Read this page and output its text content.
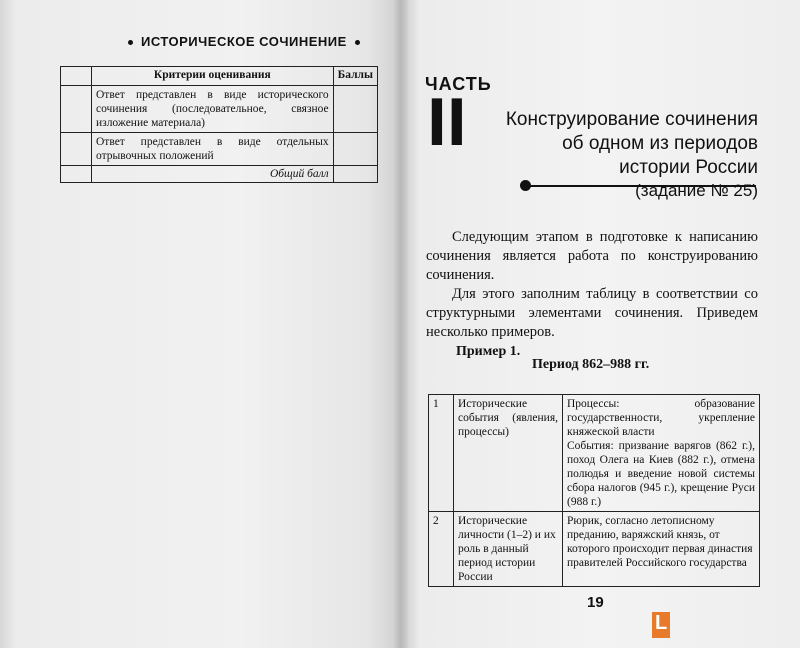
ИСТОРИЧЕСКОЕ СОЧИНЕНИЕ
	Критерии оценивания	Баллы
	Ответ представлен в виде исторического сочинения (последовательное, связное изложение материала)	
	Ответ представлен в виде отдельных отрывочных положений	
	Общий балл	
ЧАСТЬ
II	Конструирование сочинения
об одном из периодов
истории России
(задание № 25)
Следующим этапом в подготовке к написанию сочинения является работа по конструированию сочинения.
Для этого заполним таблицу в соответствии со структурными элементами сочинения. Приведем несколько примеров.
Пример 1.
Период 862–988 гг.
1	Исторические события (явления, процессы)	Процессы: образование государственности, укрепление княжеской власти
События: призвание варягов (862 г.), поход Олега на Киев (882 г.), отмена полюдья и введение новой системы сбора налогов (945 г.), крещение Руси (988 г.)

2	Исторические личности (1–2) и их роль в данный период истории России	Рюрик, согласно летописному преданию, варяжский князь, от которого происходит первая династия правителей Российского государства
19
L
